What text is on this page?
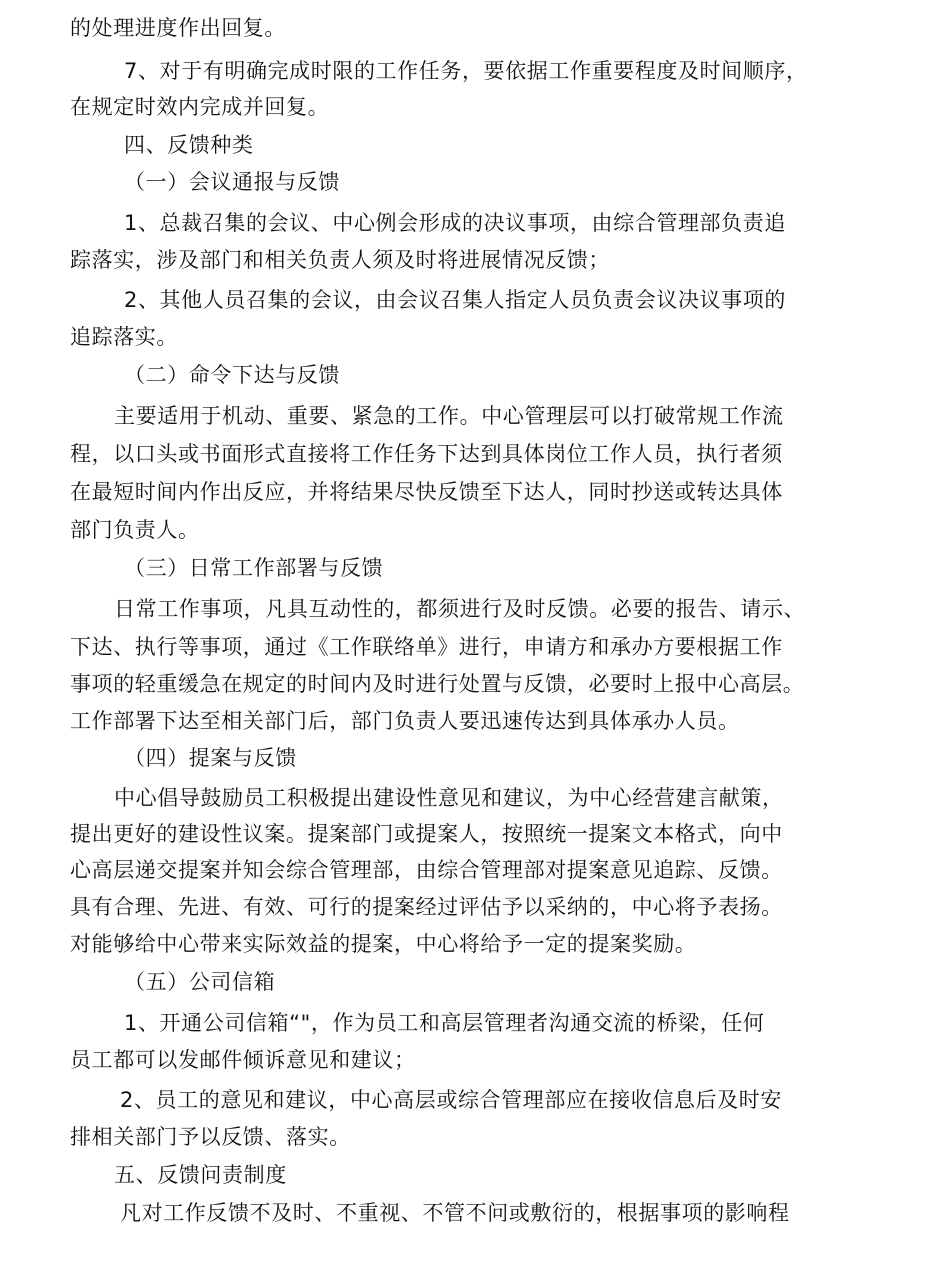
的处理进度作出回复。
7、对于有明确完成时限的工作任务，要依据工作重要程度及时间顺序，
在规定时效内完成并回复。
四、反馈种类
（一）会议通报与反馈
1、总裁召集的会议、中心例会形成的决议事项，由综合管理部负责追
踪落实，涉及部门和相关负责人须及时将进展情况反馈；
2、其他人员召集的会议，由会议召集人指定人员负责会议决议事项的
追踪落实。
（二）命令下达与反馈
主要适用于机动、重要、紧急的工作。中心管理层可以打破常规工作流
程，以口头或书面形式直接将工作任务下达到具体岗位工作人员，执行者须
在最短时间内作出反应，并将结果尽快反馈至下达人，同时抄送或转达具体
部门负责人。
（三）日常工作部署与反馈
日常工作事项，凡具互动性的，都须进行及时反馈。必要的报告、请示、
下达、执行等事项，通过《工作联络单》进行，申请方和承办方要根据工作
事项的轻重缓急在规定的时间内及时进行处置与反馈，必要时上报中心高层。
工作部署下达至相关部门后，部门负责人要迅速传达到具体承办人员。
（四）提案与反馈
中心倡导鼓励员工积极提出建设性意见和建议，为中心经营建言献策，
提出更好的建设性议案。提案部门或提案人，按照统一提案文本格式，向中
心高层递交提案并知会综合管理部，由综合管理部对提案意见追踪、反馈。
具有合理、先进、有效、可行的提案经过评估予以采纳的，中心将予表扬。
对能够给中心带来实际效益的提案，中心将给予一定的提案奖励。
（五）公司信箱
1、开通公司信箱“"，作为员工和高层管理者沟通交流的桥梁，任何
员工都可以发邮件倾诉意见和建议；
2、员工的意见和建议，中心高层或综合管理部应在接收信息后及时安
排相关部门予以反馈、落实。
五、反馈问责制度
凡对工作反馈不及时、不重视、不管不问或敷衍的，根据事项的影响程
